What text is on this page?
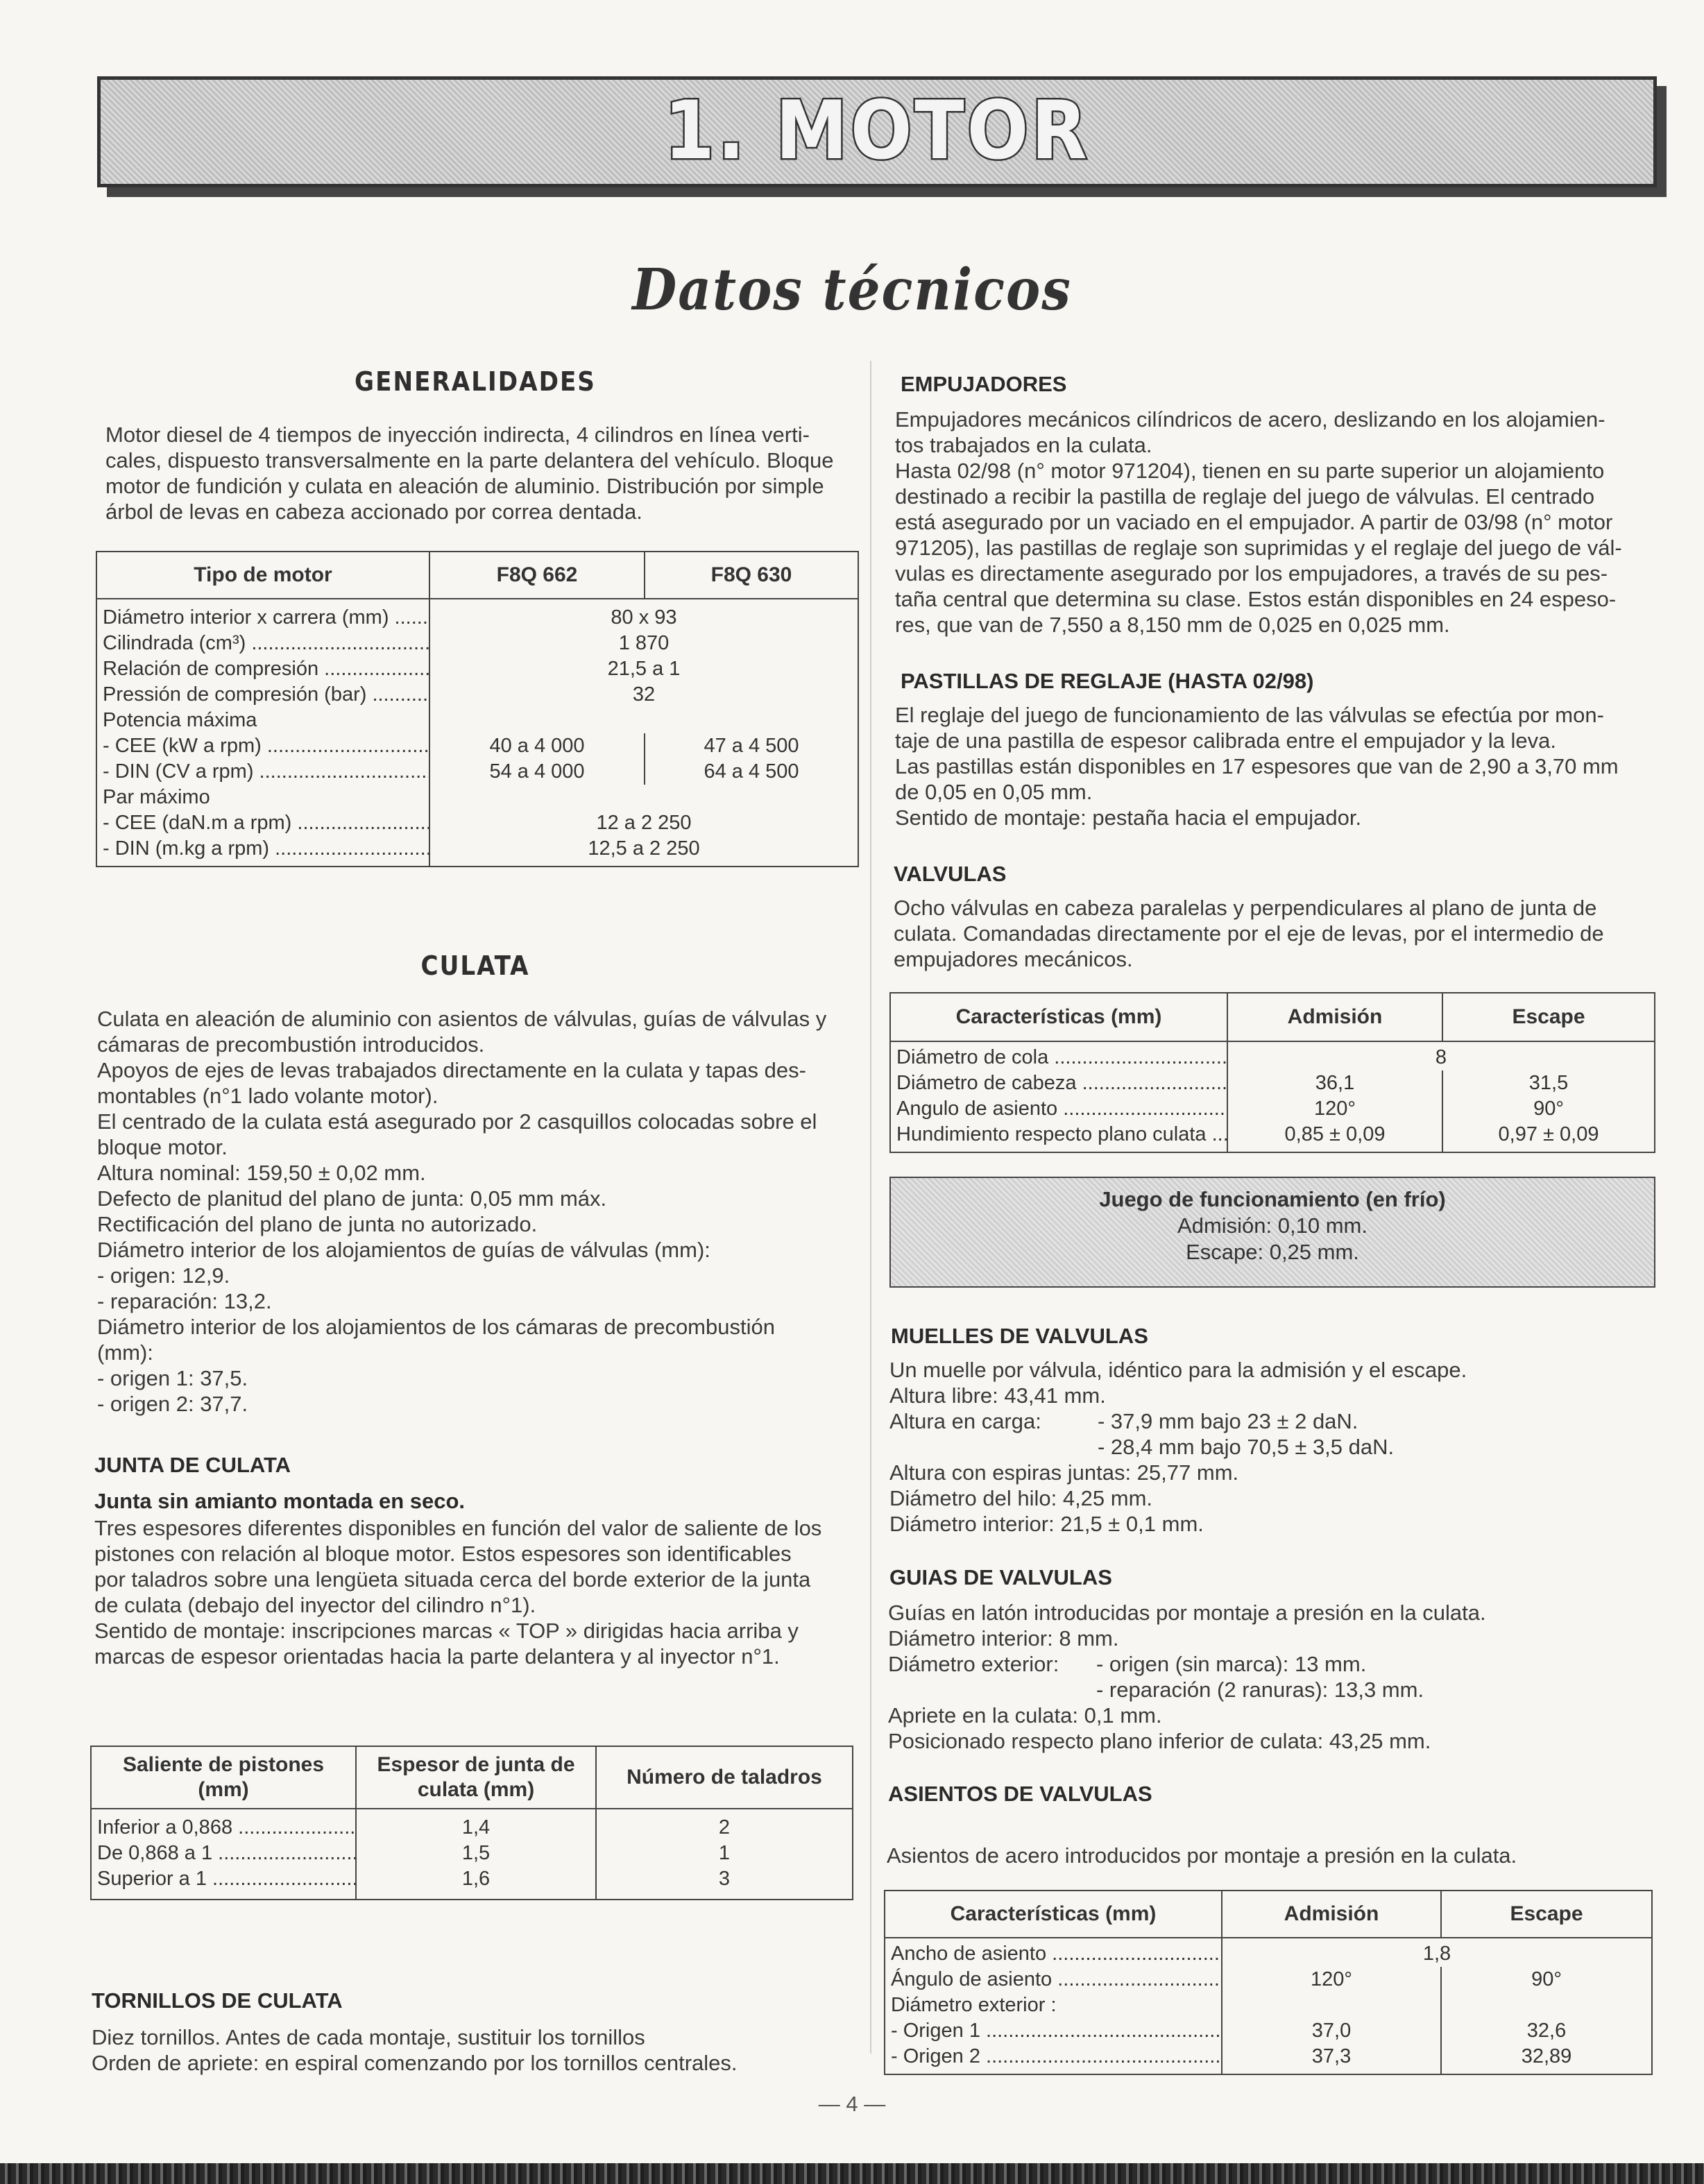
1. MOTOR
Datos técnicos
GENERALIDADES
Motor diesel de 4 tiempos de inyección indirecta, 4 cilindros en línea verti-
cales, dispuesto transversalmente en la parte delantera del vehículo. Bloque
motor de fundición y culata en aleación de aluminio. Distribución por simple
árbol de levas en cabeza accionado por correa dentada.
Tipo de motor	F8Q 662	F8Q 630
Diámetro interior x carrera (mm) .....	80 x 93	
Cilindrada (cm³) .....	1 870	
Relación de compresión .....	21,5 a 1	
Pressión de compresión (bar) .....	32	
Potencia máxima		
- CEE (kW a rpm) .....	40 a 4 000	47 a 4 500
- DIN (CV a rpm) .....	54 a 4 000	64 a 4 500
Par máximo		
- CEE (daN.m a rpm) .....	12 a 2 250	
- DIN (m.kg a rpm) .....	12,5 a 2 250	
CULATA
Culata en aleación de aluminio con asientos de válvulas, guías de válvulas y
cámaras de precombustión introducidos.
Apoyos de ejes de levas trabajados directamente en la culata y tapas des-
montables (n°1 lado volante motor).
El centrado de la culata está asegurado por 2 casquillos colocadas sobre el
bloque motor.
Altura nominal: 159,50 ± 0,02 mm.
Defecto de planitud del plano de junta: 0,05 mm máx.
Rectificación del plano de junta no autorizado.
Diámetro interior de los alojamientos de guías de válvulas (mm):
- origen: 12,9.
- reparación: 13,2.
Diámetro interior de los alojamientos de los cámaras de precombustión
(mm):
- origen 1: 37,5.
- origen 2: 37,7.
JUNTA DE CULATA
Junta sin amianto montada en seco.
Tres espesores diferentes disponibles en función del valor de saliente de los
pistones con relación al bloque motor. Estos espesores son identificables
por taladros sobre una lengüeta situada cerca del borde exterior de la junta
de culata (debajo del inyector del cilindro n°1).
Sentido de montaje: inscripciones marcas « TOP » dirigidas hacia arriba y
marcas de espesor orientadas hacia la parte delantera y al inyector n°1.
Saliente de pistones (mm)	Espesor de junta de culata (mm)	Número de taladros
Inferior a 0,868 .....	1,4	2
De 0,868 a 1 .....	1,5	1
Superior a 1 .....	1,6	3
TORNILLOS DE CULATA
Diez tornillos. Antes de cada montaje, sustituir los tornillos
Orden de apriete: en espiral comenzando por los tornillos centrales.
EMPUJADORES
Empujadores mecánicos cilíndricos de acero, deslizando en los alojamien-
tos trabajados en la culata.
Hasta 02/98 (n° motor 971204), tienen en su parte superior un alojamiento
destinado a recibir la pastilla de reglaje del juego de válvulas. El centrado
está asegurado por un vaciado en el empujador. A partir de 03/98 (n° motor
971205), las pastillas de reglaje son suprimidas y el reglaje del juego de vál-
vulas es directamente asegurado por los empujadores, a través de su pes-
taña central que determina su clase. Estos están disponibles en 24 espeso-
res, que van de 7,550 a 8,150 mm de 0,025 en 0,025 mm.
PASTILLAS DE REGLAJE (HASTA 02/98)
El reglaje del juego de funcionamiento de las válvulas se efectúa por mon-
taje de una pastilla de espesor calibrada entre el empujador y la leva.
Las pastillas están disponibles en 17 espesores que van de 2,90 a 3,70 mm
de 0,05 en 0,05 mm.
Sentido de montaje: pestaña hacia el empujador.
VALVULAS
Ocho válvulas en cabeza paralelas y perpendiculares al plano de junta de
culata. Comandadas directamente por el eje de levas, por el intermedio de
empujadores mecánicos.
Características (mm)	Admisión	Escape
Diámetro de cola .....	8	
Diámetro de cabeza .....	36,1	31,5
Angulo de asiento .....	120°	90°
Hundimiento respecto plano culata .....	0,85 ± 0,09	0,97 ± 0,09
Juego de funcionamiento (en frío)
Admisión: 0,10 mm.
Escape: 0,25 mm.
MUELLES DE VALVULAS
Un muelle por válvula, idéntico para la admisión y el escape.
Altura libre: 43,41 mm.
Altura en carga:	- 37,9 mm bajo 23 ± 2 daN.
- 28,4 mm bajo 70,5 ± 3,5 daN.
Altura con espiras juntas: 25,77 mm.
Diámetro del hilo: 4,25 mm.
Diámetro interior: 21,5 ± 0,1 mm.
GUIAS DE VALVULAS
Guías en latón introducidas por montaje a presión en la culata.
Diámetro interior: 8 mm.
Diámetro exterior: - origen (sin marca): 13 mm.
- reparación (2 ranuras): 13,3 mm.
Apriete en la culata: 0,1 mm.
Posicionado respecto plano inferior de culata: 43,25 mm.
ASIENTOS DE VALVULAS
Asientos de acero introducidos por montaje a presión en la culata.
Características (mm)	Admisión	Escape
Ancho de asiento .....	1,8	
Ángulo de asiento .....	120°	90°
Diámetro exterior :		
- Origen 1 .....	37,0	32,6
- Origen 2 .....	37,3	32,89
— 4 —
